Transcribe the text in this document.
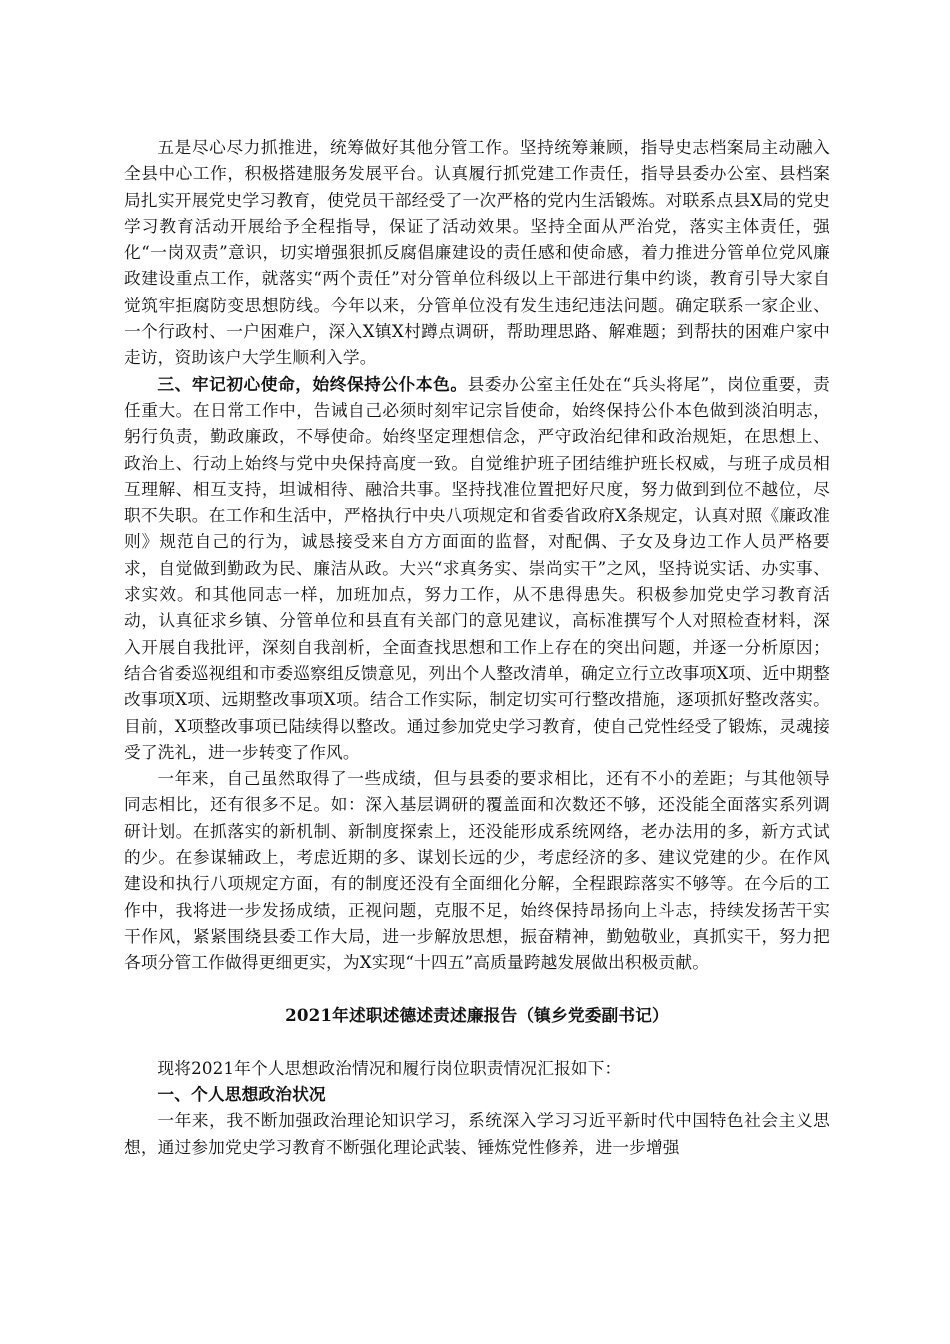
五是尽心尽力抓推进，统筹做好其他分管工作。坚持统筹兼顾，指导史志档案局主动融入全县中心工作，积极搭建服务发展平台。认真履行抓党建工作责任，指导县委办公室、县档案局扎实开展党史学习教育，使党员干部经受了一次严格的党内生活锻炼。对联系点县X局的党史学习教育活动开展给予全程指导，保证了活动效果。坚持全面从严治党，落实主体责任，强化“一岗双责”意识，切实增强狠抓反腐倡廉建设的责任感和使命感，着力推进分管单位党风廉政建设重点工作，就落实“两个责任”对分管单位科级以上干部进行集中约谈，教育引导大家自觉筑牢拒腐防变思想防线。今年以来，分管单位没有发生违纪违法问题。确定联系一家企业、一个行政村、一户困难户，深入X镇X村蹲点调研，帮助理思路、解难题；到帮扶的困难户家中走访，资助该户大学生顺利入学。

三、牢记初心使命，始终保持公仆本色。县委办公室主任处在“兵头将尾”，岗位重要，责任重大。在日常工作中，告诫自己必须时刻牢记宗旨使命，始终保持公仆本色做到淡泊明志，躬行负责，勤政廉政，不辱使命。始终坚定理想信念，严守政治纪律和政治规矩，在思想上、政治上、行动上始终与党中央保持高度一致。自觉维护班子团结维护班长权威，与班子成员相互理解、相互支持，坦诚相待、融洽共事。坚持找准位置把好尺度，努力做到到位不越位，尽职不失职。在工作和生活中，严格执行中央八项规定和省委省政府X条规定，认真对照《廉政准则》规范自己的行为，诚恳接受来自方方面面的监督，对配偶、子女及身边工作人员严格要求，自觉做到勤政为民、廉洁从政。大兴“求真务实、崇尚实干”之风，坚持说实话、办实事、求实效。和其他同志一样，加班加点，努力工作，从不患得患失。积极参加党史学习教育活动，认真征求乡镇、分管单位和县直有关部门的意见建议，高标准撰写个人对照检查材料，深入开展自我批评，深刻自我剖析，全面查找思想和工作上存在的突出问题，并逐一分析原因；结合省委巡视组和市委巡察组反馈意见，列出个人整改清单，确定立行立改事项X项、近中期整改事项X项、远期整改事项X项。结合工作实际，制定切实可行整改措施，逐项抓好整改落实。目前，X项整改事项已陆续得以整改。通过参加党史学习教育，使自己党性经受了锻炼，灵魂接受了洗礼，进一步转变了作风。

一年来，自己虽然取得了一些成绩，但与县委的要求相比，还有不小的差距；与其他领导同志相比，还有很多不足。如：深入基层调研的覆盖面和次数还不够，还没能全面落实系列调研计划。在抓落实的新机制、新制度探索上，还没能形成系统网络，老办法用的多，新方式试的少。在参谋辅政上，考虑近期的多、谋划长远的少，考虑经济的多、建议党建的少。在作风建设和执行八项规定方面，有的制度还没有全面细化分解，全程跟踪落实不够等。在今后的工作中，我将进一步发扬成绩，正视问题，克服不足，始终保持昂扬向上斗志，持续发扬苦干实干作风，紧紧围绕县委工作大局，进一步解放思想，振奋精神，勤勉敬业，真抓实干，努力把各项分管工作做得更细更实，为X实现“十四五”高质量跨越发展做出积极贡献。

2021年述职述德述责述廉报告（镇乡党委副书记）

现将2021年个人思想政治情况和履行岗位职责情况汇报如下：

一、个人思想政治状况

一年来，我不断加强政治理论知识学习，系统深入学习习近平新时代中国特色社会主义思想，通过参加党史学习教育不断强化理论武装、锤炼党性修养，进一步增强
